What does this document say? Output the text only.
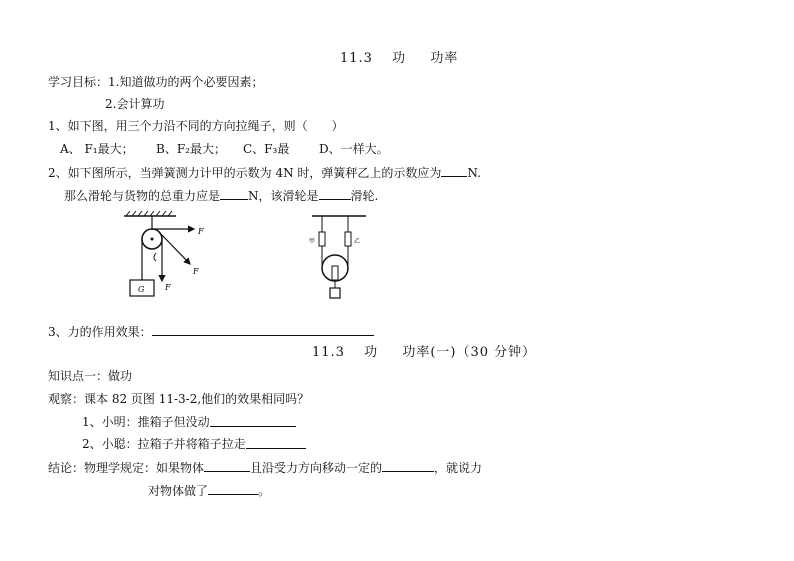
11.3　 功 　 功率
学习目标：1.知道做功的两个必要因素；
2.会计算功
1、如下图，用三个力沿不同的方向拉绳子，则（　　）
A、 F₁最大； B、F₂最大； C、F₃最 D、一样大。
2、如下图所示，当弹簧测力计甲的示数为 4N 时，弹簧秤乙上的示数应为 N.
那么滑轮与货物的总重力应是 N，该滑轮是	滑轮.
G
F
F
F
甲	乙
3、力的作用效果：
11.3 　功 　 功率(一)（30 分钟）
知识点一：做功
观察：课本 82 页图 11-3-2,他们的效果相同吗？
1、小明：推箱子但没动
2、小聪：拉箱子并将箱子拉走
结论：物理学规定：如果物体	且沿受力方向移动一定的	，就说力
对物体做了	。
